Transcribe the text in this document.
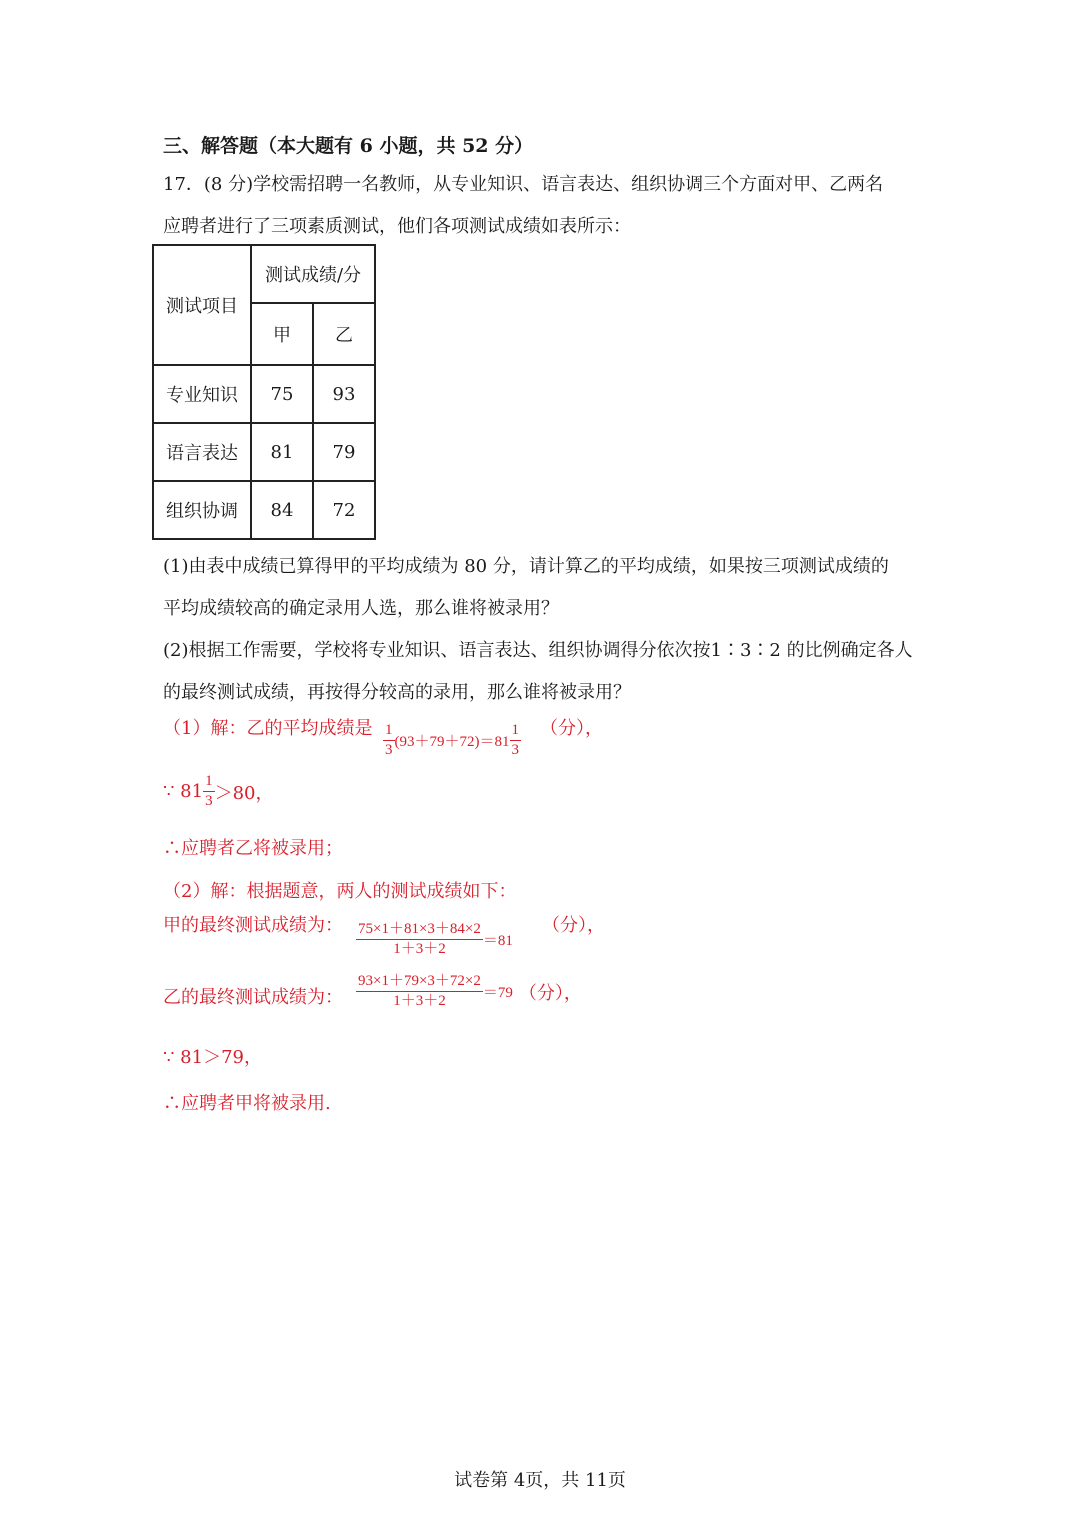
三、解答题（本大题有 6 小题，共 52 分）
17．(8 分)学校需招聘一名教师，从专业知识、语言表达、组织协调三个方面对甲、乙两名
应聘者进行了三项素质测试，他们各项测试成绩如表所示：
测试项目	测试成绩/分	
	甲	乙
专业知识	75	93
语言表达	81	79
组织协调	84	72
(1)由表中成绩已算得甲的平均成绩为 80 分，请计算乙的平均成绩，如果按三项测试成绩的
平均成绩较高的确定录用人选，那么谁将被录用？
(2)根据工作需要，学校将专业知识、语言表达、组织协调得分依次按1∶3∶2 的比例确定各人
的最终测试成绩，再按得分较高的录用，那么谁将被录用？
（1）解：乙的平均成绩是 $\frac{1}{3} (93+79+72)=81 \frac{1}{3}$ （分），
∵ $81 \frac{1}{3} >80$，
∴应聘者乙将被录用；
（2）解：根据题意，两人的测试成绩如下：
甲的最终测试成绩为： $\frac{75\times 1+81\times 3+84\times 2}{1+3+2} =81$
（分），
乙的最终测试成绩为： $\frac{93\times 1+79\times 3+72\times 2}{1+3+2} =79$ （分），
∵ 81＞79，
∴应聘者甲将被录用.
试卷第 4页，共 11页
